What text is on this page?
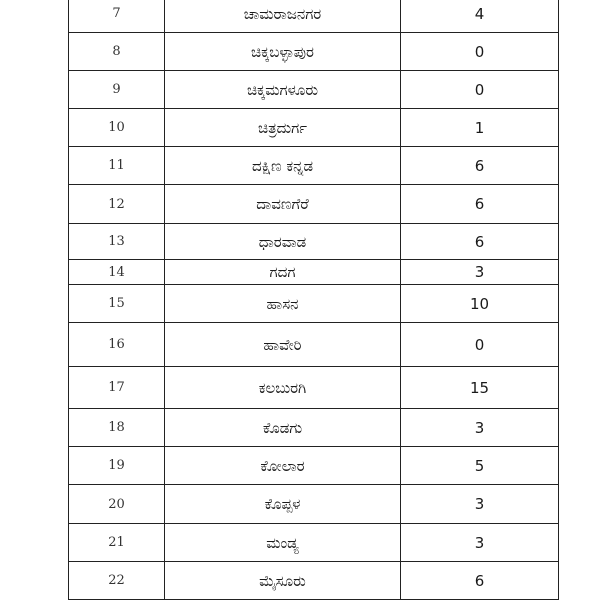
7	ಚಾಮರಾಜನಗರ	4
8	ಚಿಕ್ಕಬಳ್ಳಾಪುರ	0
9	ಚಿಕ್ಕಮಗಳೂರು	0
10	ಚಿತ್ರದುರ್ಗ	1
11	ದಕ್ಷಿಣ ಕನ್ನಡ	6
12	ದಾವಣಗೆರೆ	6
13	ಧಾರವಾಡ	6
14	ಗದಗ	3
15	ಹಾಸನ	10
16	ಹಾವೇರಿ	0
17	ಕಲಬುರಗಿ	15
18	ಕೊಡಗು	3
19	ಕೋಲಾರ	5
20	ಕೊಪ್ಪಳ	3
21	ಮಂಡ್ಯ	3
22	ಮೈಸೂರು	6
